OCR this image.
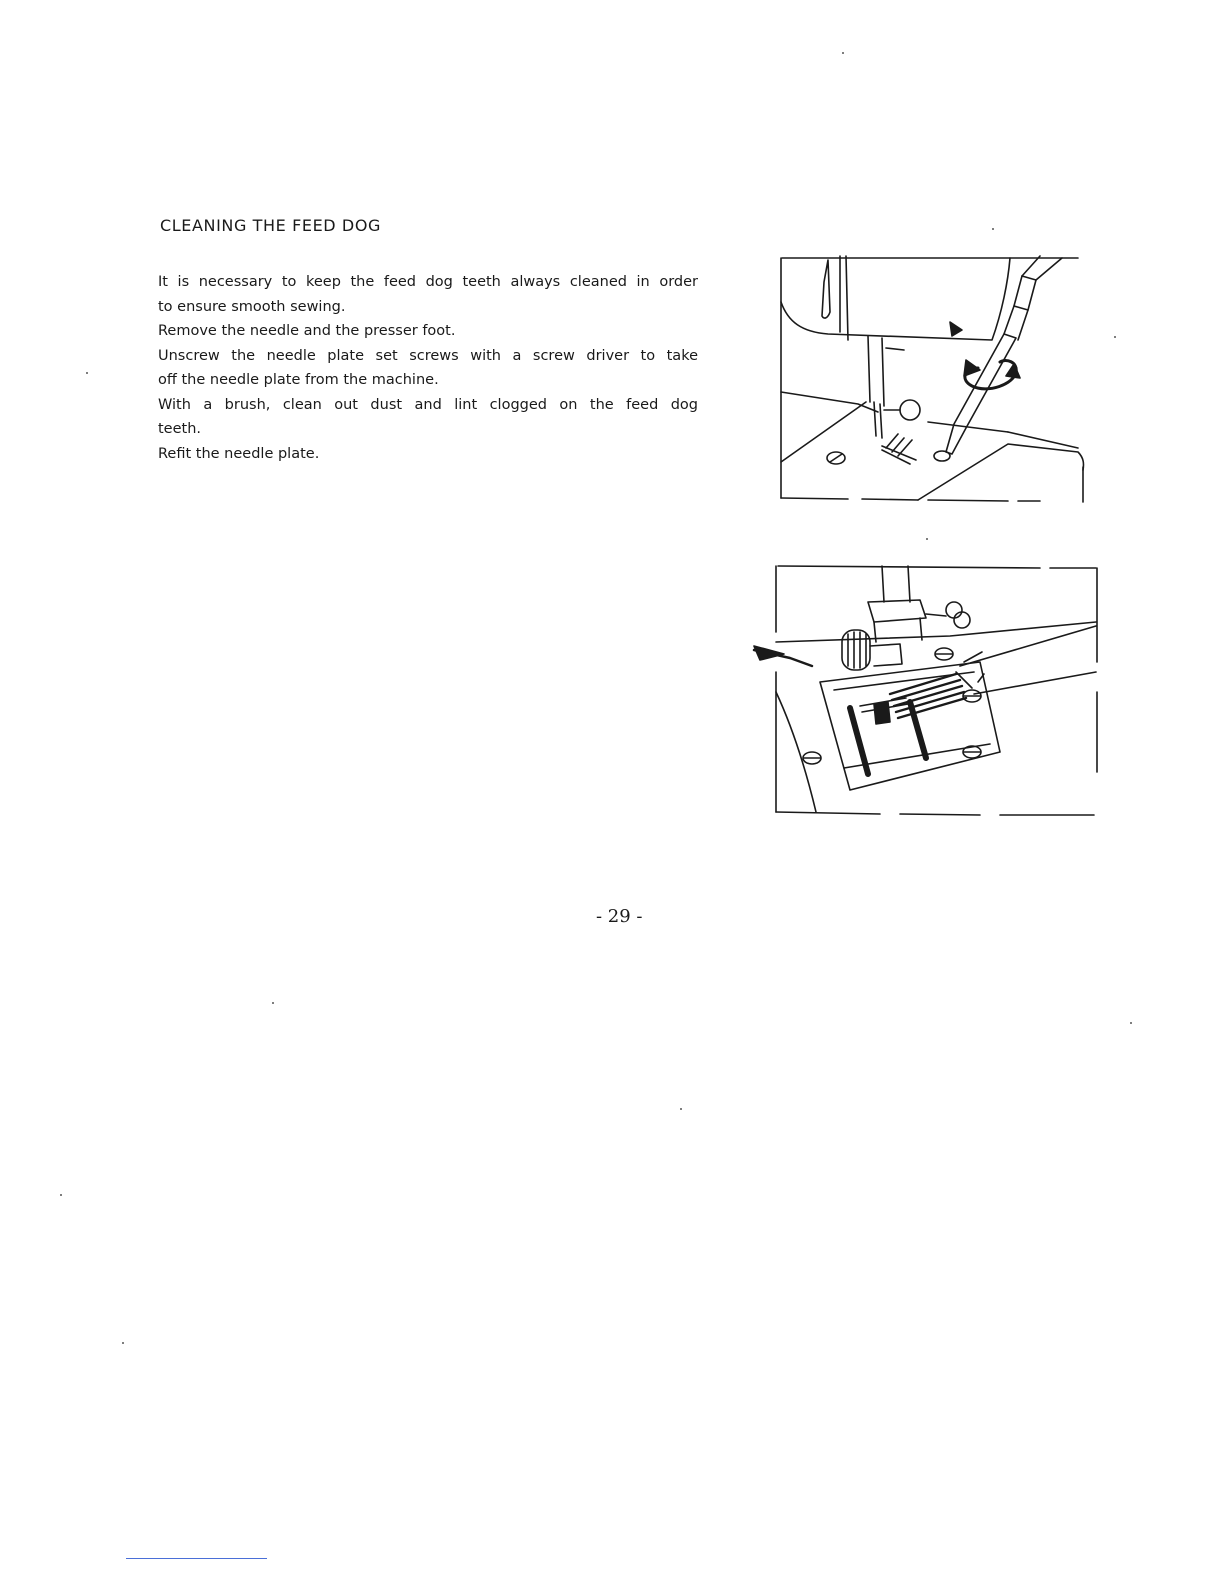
CLEANING THE FEED DOG
It is necessary to keep the feed dog teeth always cleaned in order
to ensure smooth sewing.
Remove the needle and the presser foot.
Unscrew the needle plate set screws with a screw driver to take
off the needle plate from the machine.
With a brush, clean out dust and lint clogged on the feed dog
teeth.
Refit the needle plate.
- 29 -
